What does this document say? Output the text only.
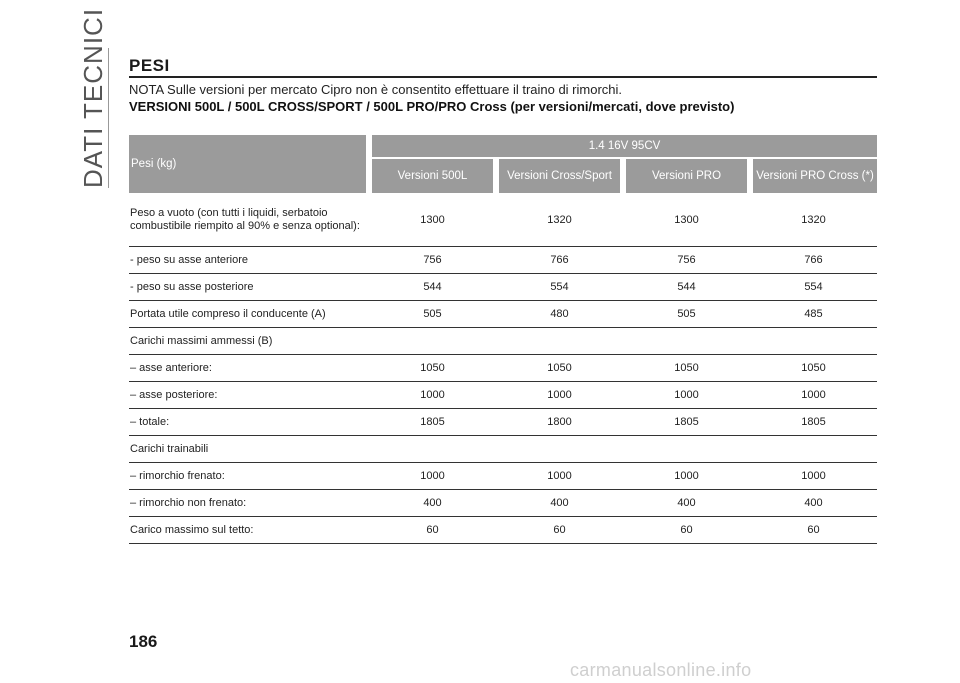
DATI TECNICI PESI
NOTA Sulle versioni per mercato Cipro non è consentito effettuare il traino di rimorchi.
VERSIONI 500L / 500L CROSS/SPORT / 500L PRO/PRO Cross (per versioni/mercati, dove previsto)
Pesi (kg)	1.4 16V 95CV			
	Versioni 500L	Versioni Cross/Sport	Versioni PRO	Versioni PRO Cross (*)
Peso a vuoto (con tutti i liquidi, serbatoio combustibile riempito al 90% e senza optional):	1300	1320	1300	1320
- peso su asse anteriore	756	766	756	766
- peso su asse posteriore	544	554	544	554
Portata utile compreso il conducente (A)	505	480	505	485
Carichi massimi ammessi (B)				
– asse anteriore:	1050	1050	1050	1050
– asse posteriore:	1000	1000	1000	1000
– totale:	1805	1800	1805	1805
Carichi trainabili				
– rimorchio frenato:	1000	1000	1000	1000
– rimorchio non frenato:	400	400	400	400
Carico massimo sul tetto:	60	60	60	60
186
carmanualsonline.info
